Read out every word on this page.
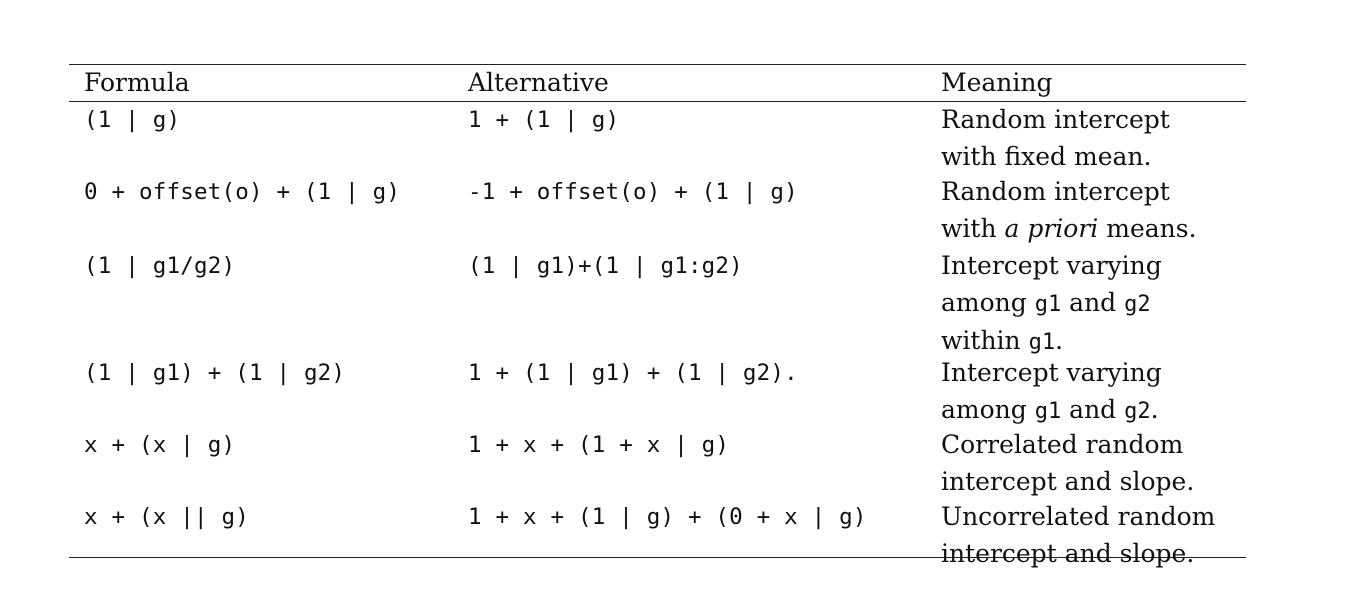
Formula	Alternative	Meaning
(1 | g)	1 + (1 | g)	Random intercept
with fixed mean.
0 + offset(o) + (1 | g)	-1 + offset(o) + (1 | g)	Random intercept
with a priori means.
(1 | g1/g2)	(1 | g1)+(1 | g1:g2)	Intercept varying
among g1 and g2
within g1.
(1 | g1) + (1 | g2)	1 + (1 | g1) + (1 | g2).	Intercept varying
among g1 and g2.
x + (x | g)	1 + x + (1 + x | g)	Correlated random
intercept and slope.
x + (x || g)	1 + x + (1 | g) + (0 + x | g)	Uncorrelated random
intercept and slope.
